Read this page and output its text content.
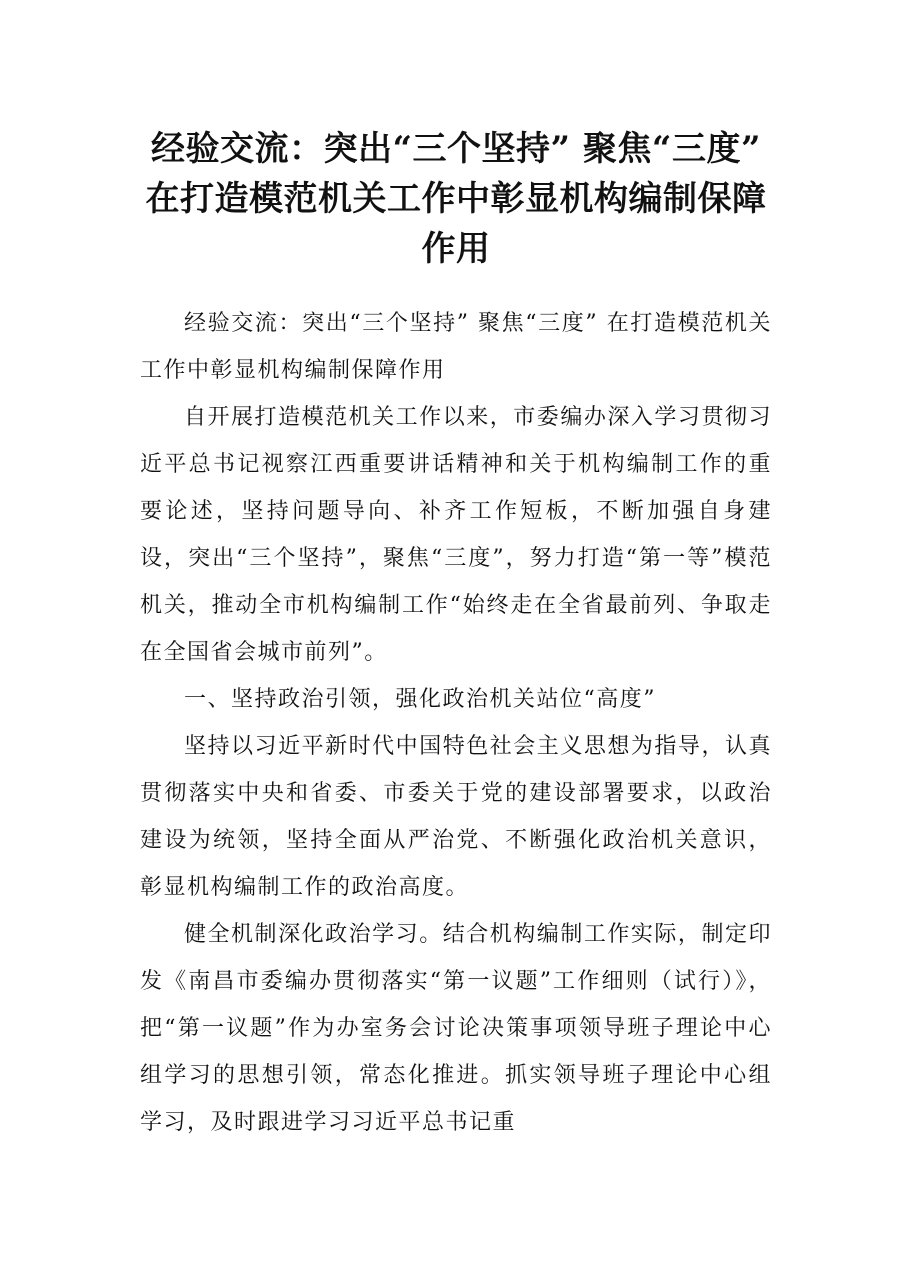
经验交流：突出“三个坚持” 聚焦“三度” 在打造模范机关工作中彰显机构编制保障作用

经验交流：突出“三个坚持” 聚焦“三度” 在打造模范机关工作中彰显机构编制保障作用

自开展打造模范机关工作以来，市委编办深入学习贯彻习近平总书记视察江西重要讲话精神和关于机构编制工作的重要论述，坚持问题导向、补齐工作短板，不断加强自身建设，突出“三个坚持”，聚焦“三度”，努力打造“第一等”模范机关，推动全市机构编制工作“始终走在全省最前列、争取走在全国省会城市前列”。

一、坚持政治引领，强化政治机关站位“高度”

坚持以习近平新时代中国特色社会主义思想为指导，认真贯彻落实中央和省委、市委关于党的建设部署要求，以政治建设为统领，坚持全面从严治党、不断强化政治机关意识，彰显机构编制工作的政治高度。

健全机制深化政治学习。结合机构编制工作实际，制定印发《南昌市委编办贯彻落实“第一议题”工作细则（试行）》，把“第一议题”作为办室务会讨论决策事项领导班子理论中心组学习的思想引领，常态化推进。抓实领导班子理论中心组学习，及时跟进学习习近平总书记重
